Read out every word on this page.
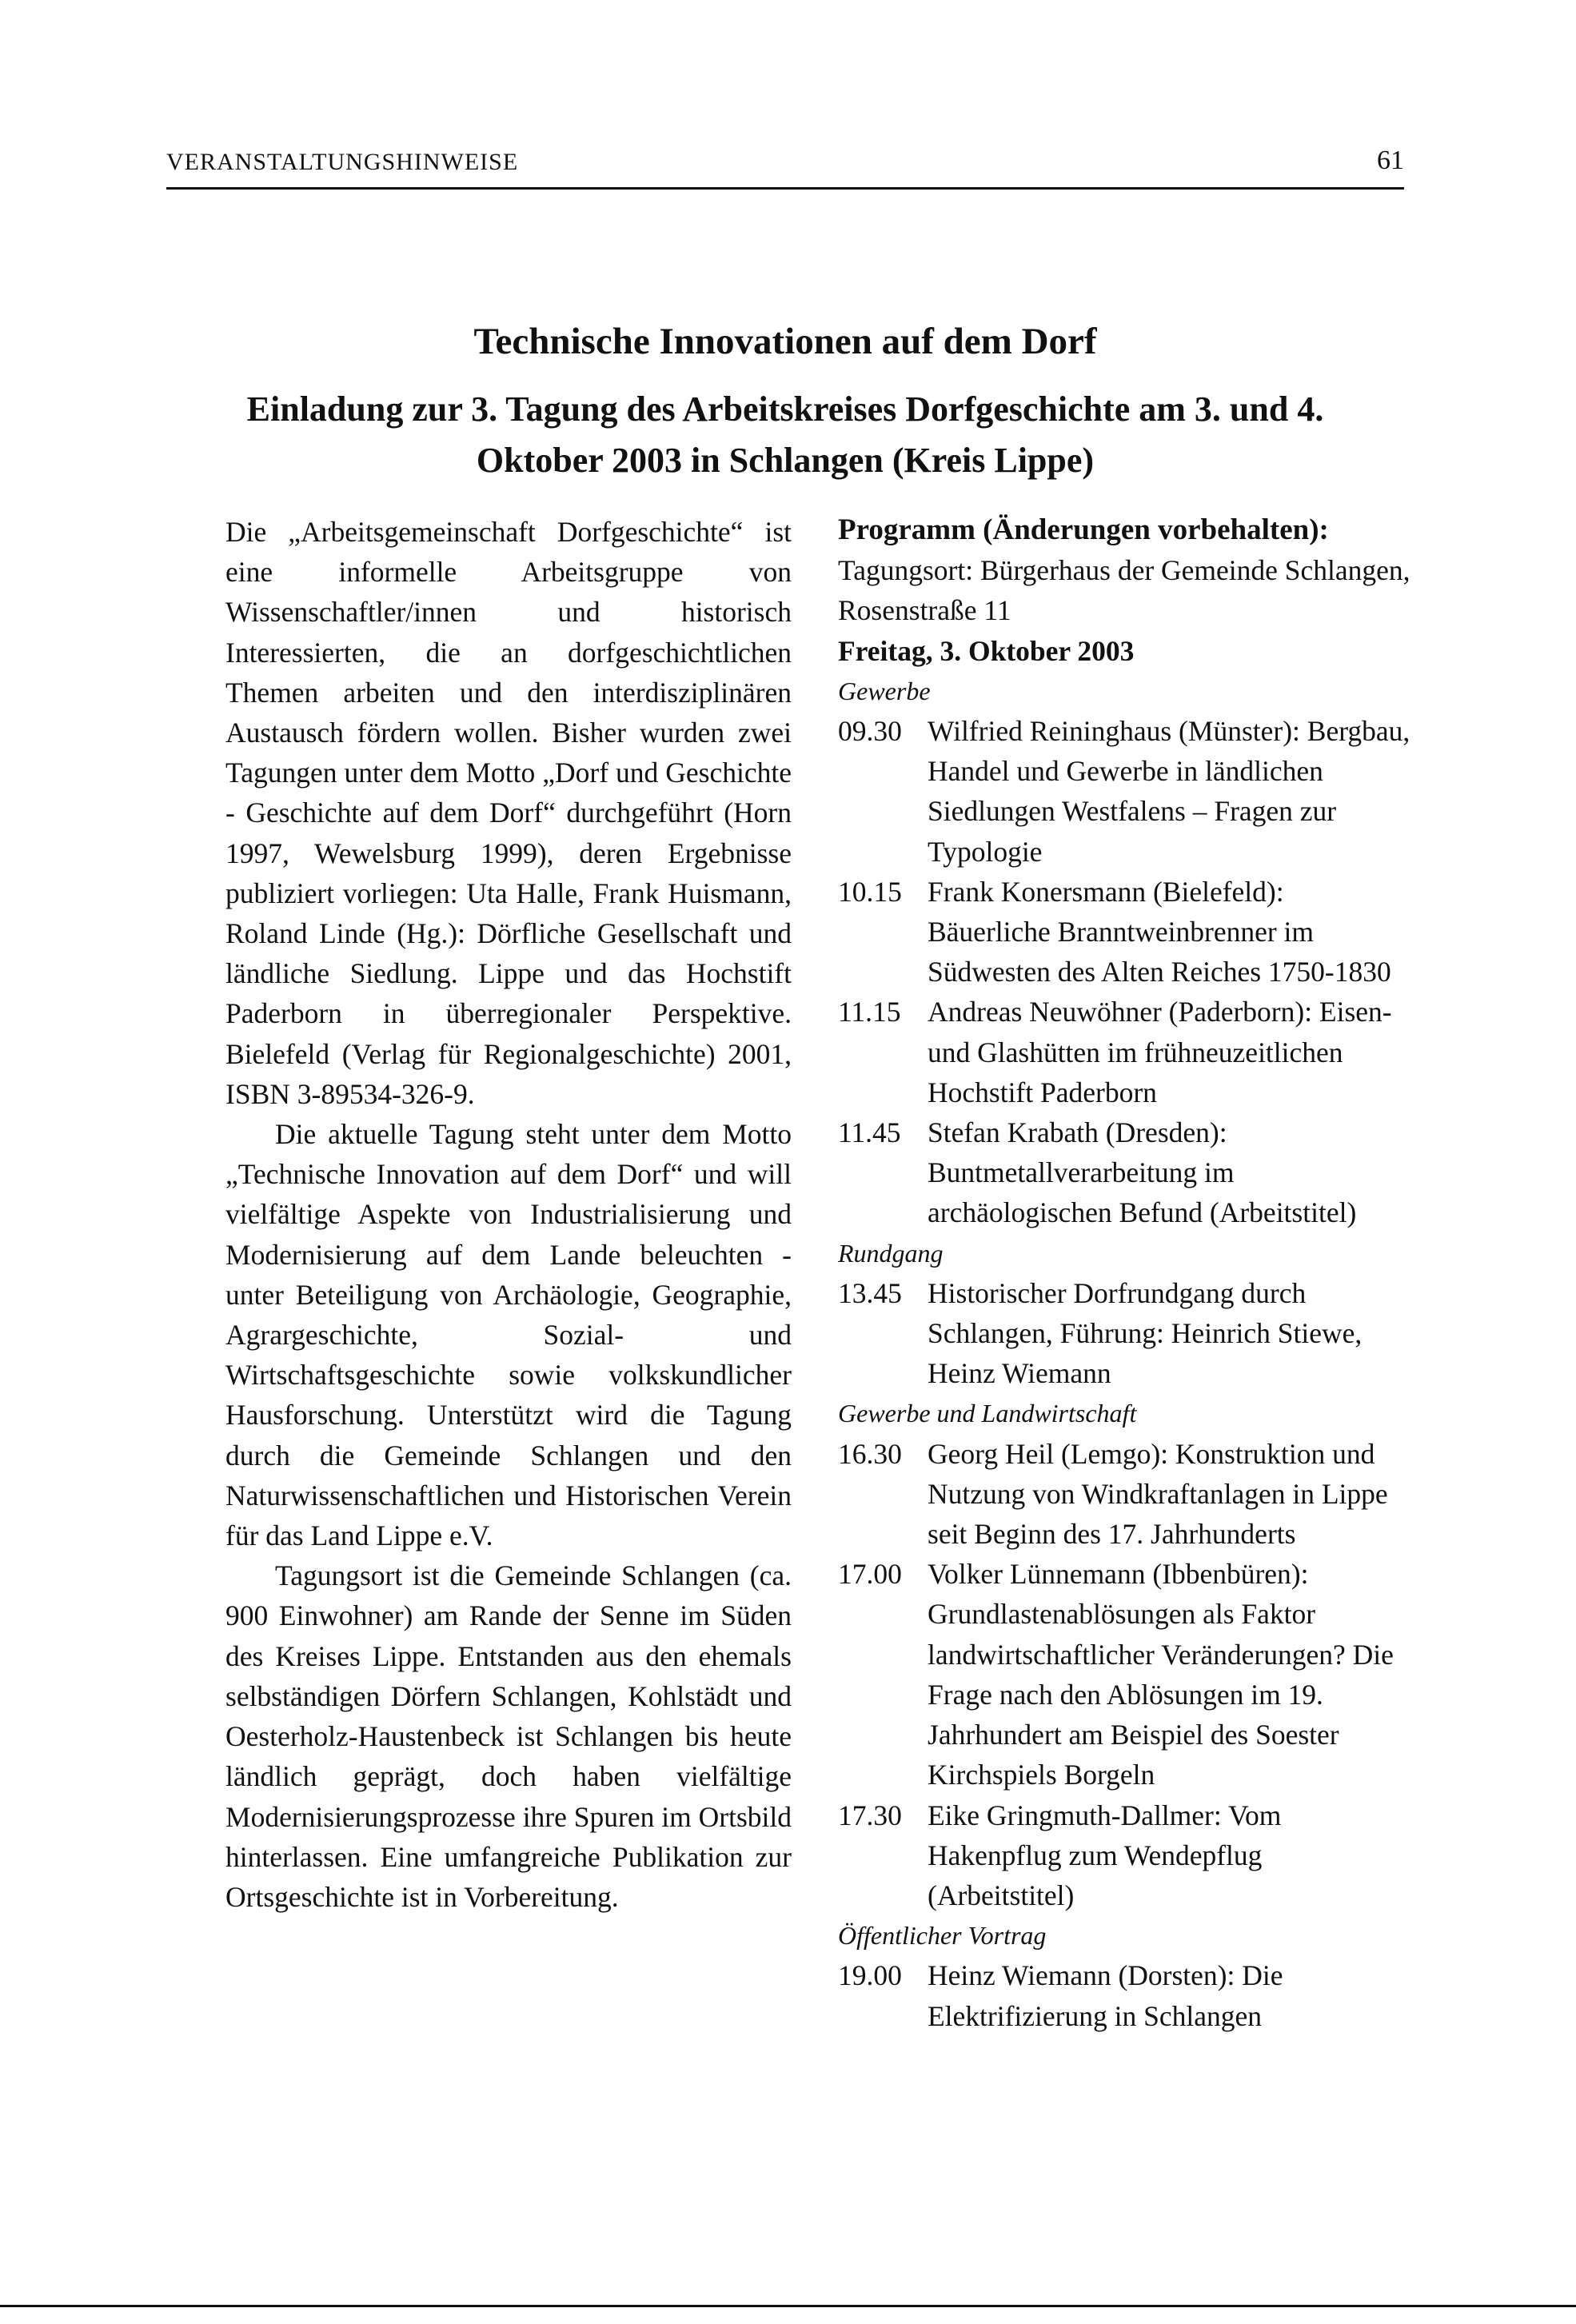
VERANSTALTUNGSHINWEISE	61
Technische Innovationen auf dem Dorf
Einladung zur 3. Tagung des Arbeitskreises Dorfgeschichte am 3. und 4. Oktober 2003 in Schlangen (Kreis Lippe)

Die „Arbeitsgemeinschaft Dorfgeschichte“ ist eine informelle Arbeitsgruppe von Wissenschaftler/innen und historisch Interessierten, die an dorfgeschichtlichen Themen arbeiten und den interdisziplinären Austausch fördern wollen. Bisher wurden zwei Tagungen unter dem Motto „Dorf und Geschichte - Geschichte auf dem Dorf“ durchgeführt (Horn 1997, Wewelsburg 1999), deren Ergebnisse publiziert vorliegen: Uta Halle, Frank Huismann, Roland Linde (Hg.): Dörfliche Gesellschaft und ländliche Siedlung. Lippe und das Hochstift Paderborn in überregionaler Perspektive. Bielefeld (Verlag für Regionalgeschichte) 2001, ISBN 3-89534-326-9.

Die aktuelle Tagung steht unter dem Motto „Technische Innovation auf dem Dorf“ und will vielfältige Aspekte von Industrialisierung und Modernisierung auf dem Lande beleuchten - unter Beteiligung von Archäologie, Geographie, Agrargeschichte, Sozial- und Wirtschaftsgeschichte sowie volkskundlicher Hausforschung. Unterstützt wird die Tagung durch die Gemeinde Schlangen und den Naturwissenschaftlichen und Historischen Verein für das Land Lippe e.V.

Tagungsort ist die Gemeinde Schlangen (ca. 900 Einwohner) am Rande der Senne im Süden des Kreises Lippe. Entstanden aus den ehemals selbständigen Dörfern Schlangen, Kohlstädt und Oesterholz-Haustenbeck ist Schlangen bis heute ländlich geprägt, doch haben vielfältige Modernisierungsprozesse ihre Spuren im Ortsbild hinterlassen. Eine umfangreiche Publikation zur Ortsgeschichte ist in Vorbereitung.

Programm (Änderungen vorbehalten):
Tagungsort: Bürgerhaus der Gemeinde Schlangen, Rosenstraße 11
Freitag, 3. Oktober 2003
Gewerbe
09.30 Wilfried Reininghaus (Münster): Bergbau, Handel und Gewerbe in ländlichen Siedlungen Westfalens – Fragen zur Typologie
10.15 Frank Konersmann (Bielefeld): Bäuerliche Branntweinbrenner im Südwesten des Alten Reiches 1750-1830
11.15 Andreas Neuwöhner (Paderborn): Eisen- und Glashütten im frühneuzeitlichen Hochstift Paderborn
11.45 Stefan Krabath (Dresden): Buntmetallverarbeitung im archäologischen Befund (Arbeitstitel)
Rundgang
13.45 Historischer Dorfrundgang durch Schlangen, Führung: Heinrich Stiewe, Heinz Wiemann
Gewerbe und Landwirtschaft
16.30 Georg Heil (Lemgo): Konstruktion und Nutzung von Windkraftanlagen in Lippe seit Beginn des 17. Jahrhunderts
17.00 Volker Lünnemann (Ibbenbüren): Grundlastenablösungen als Faktor landwirtschaftlicher Veränderungen? Die Frage nach den Ablösungen im 19. Jahrhundert am Beispiel des Soester Kirchspiels Borgeln
17.30 Eike Gringmuth-Dallmer: Vom Hakenpflug zum Wendepflug (Arbeitstitel)
Öffentlicher Vortrag
19.00 Heinz Wiemann (Dorsten): Die Elektrifizierung in Schlangen
